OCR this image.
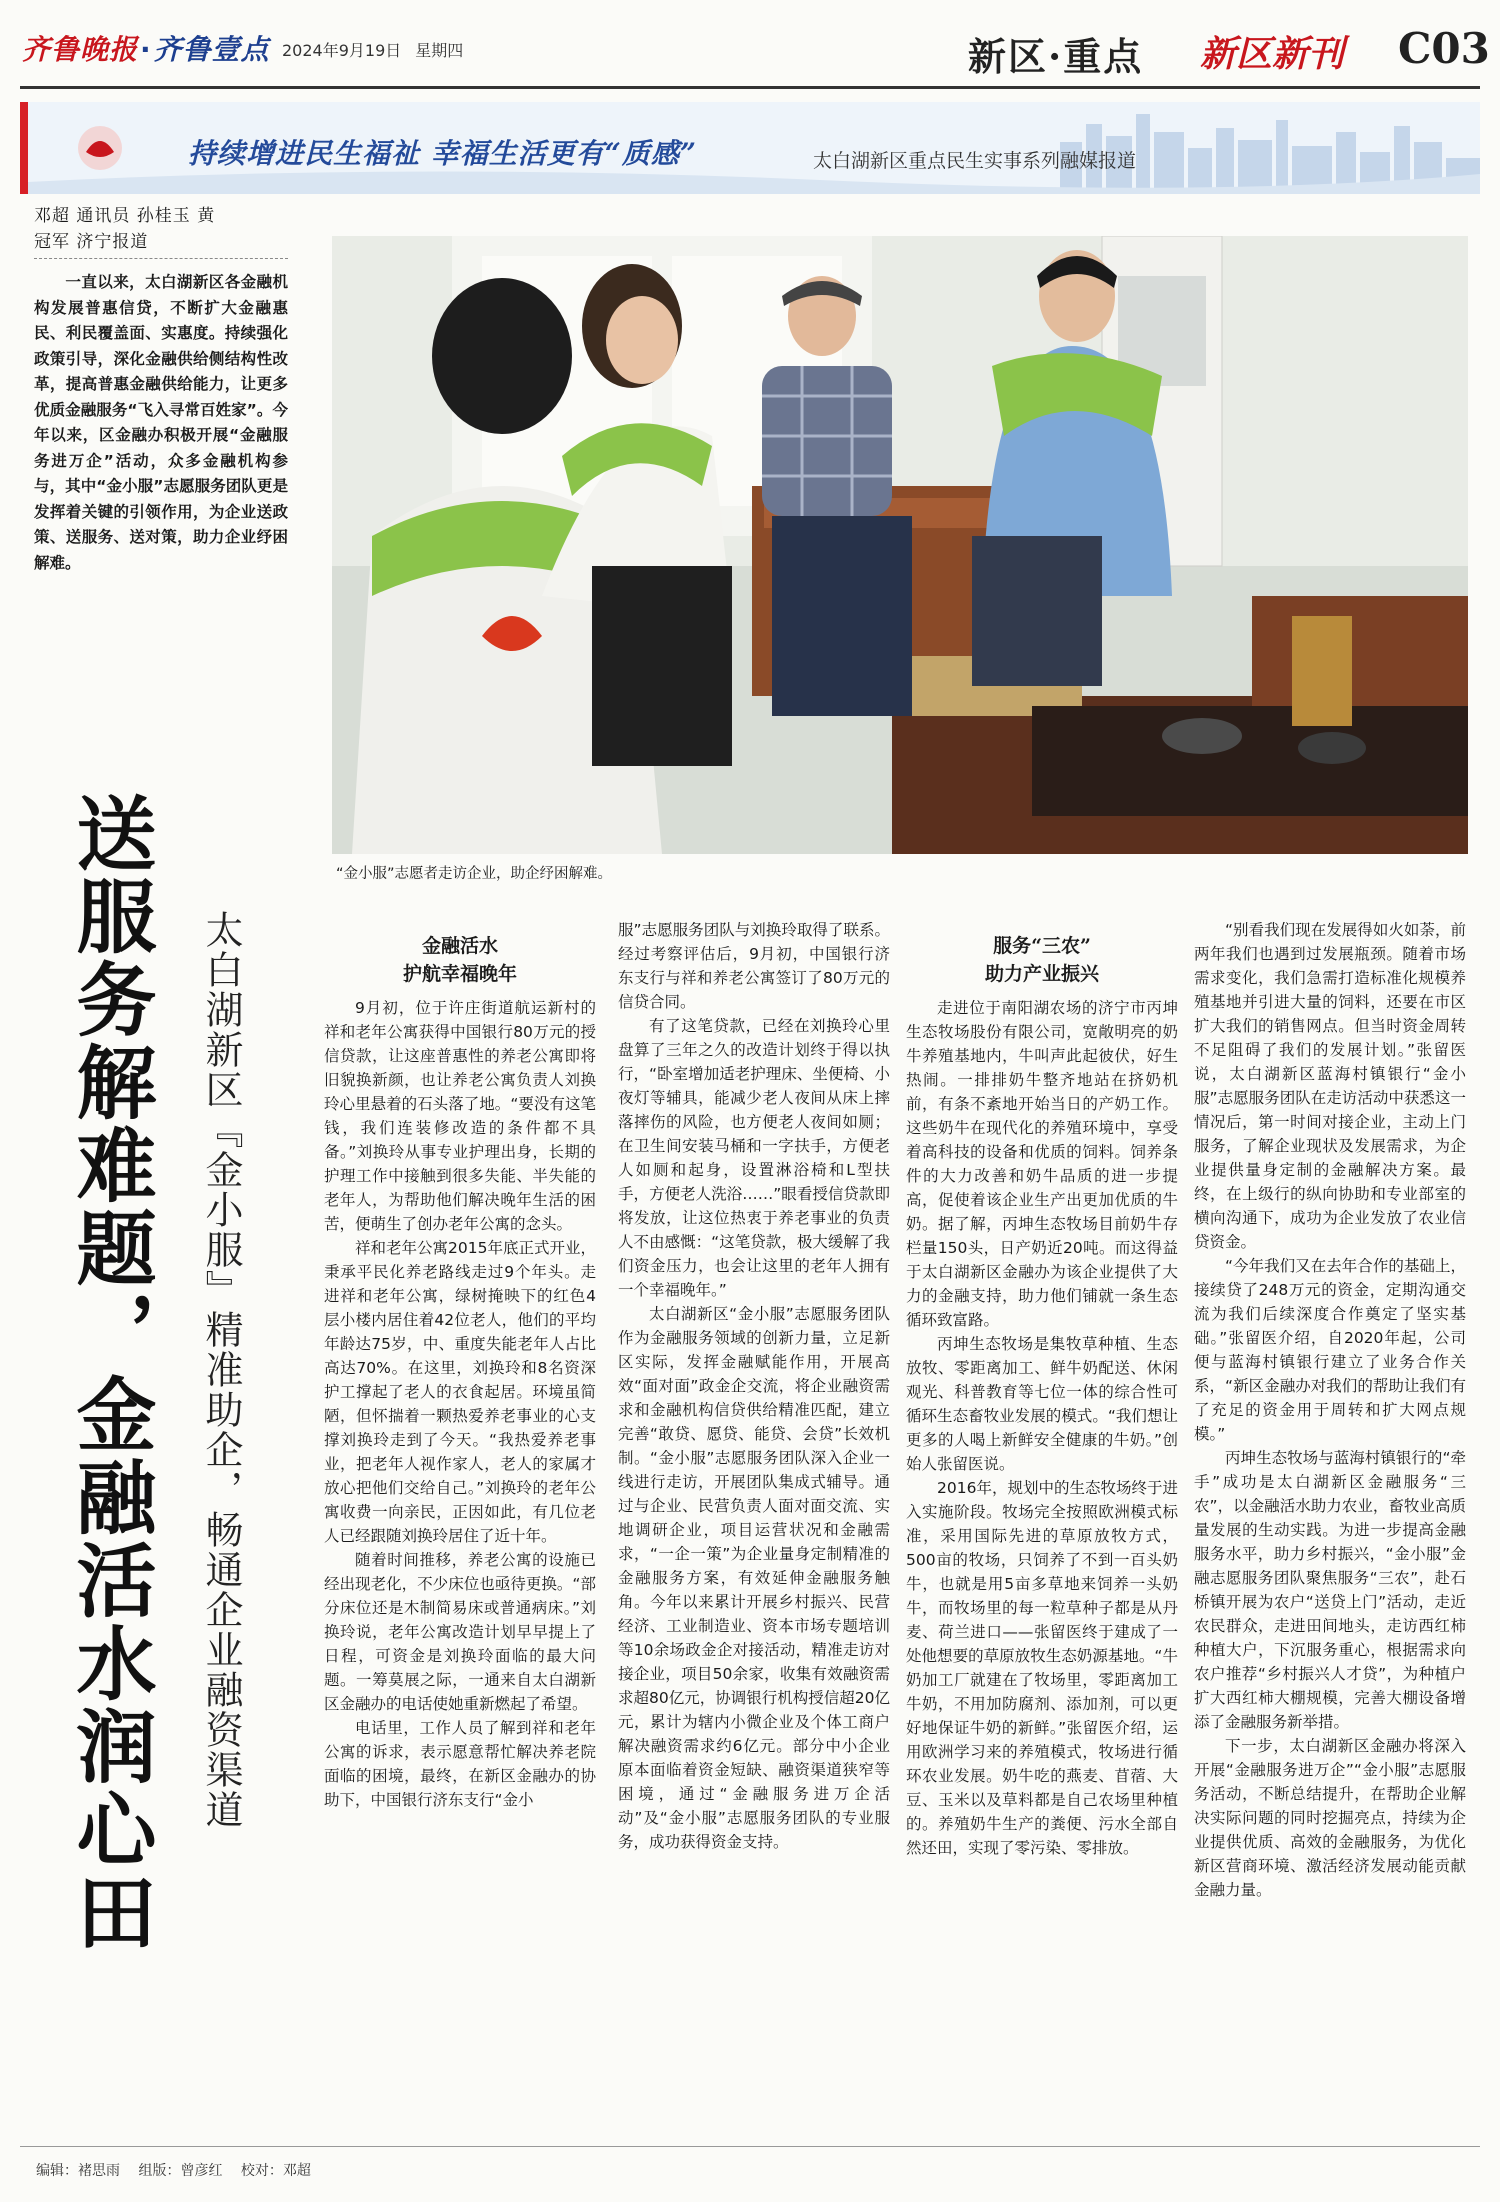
齐鲁晚报·齐鲁壹点 2024年9月19日 星期四	新区·重点 新区新刊 C03
持续增进民生福祉 幸福生活更有“质感”	太白湖新区重点民生实事系列融媒报道
邓超 通讯员 孙桂玉 黄
冠军 济宁报道
一直以来，太白湖新区各金融机构发展普惠信贷，不断扩大金融惠民、利民覆盖面、实惠度。持续强化政策引导，深化金融供给侧结构性改革，提高普惠金融供给能力，让更多优质金融服务“飞入寻常百姓家”。今年以来，区金融办积极开展“金融服务进万企”活动，众多金融机构参与，其中“金小服”志愿服务团队更是发挥着关键的引领作用，为企业送政策、送服务、送对策，助力企业纾困解难。
“金小服”志愿者走访企业，助企纾困解难。
送服务解难题，金融活水润心田 太白湖新区『金小服』精准助企，畅通企业融资渠道	金融活水
护航幸福晚年

9月初，位于许庄街道航运新村的祥和老年公寓获得中国银行80万元的授信贷款，让这座普惠性的养老公寓即将旧貌换新颜，也让养老公寓负责人刘换玲心里悬着的石头落了地。“要没有这笔钱，我们连装修改造的条件都不具备。”刘换玲从事专业护理出身，长期的护理工作中接触到很多失能、半失能的老年人，为帮助他们解决晚年生活的困苦，便萌生了创办老年公寓的念头。

祥和老年公寓2015年底正式开业，秉承平民化养老路线走过9个年头。走进祥和老年公寓，绿树掩映下的红色4层小楼内居住着42位老人，他们的平均年龄达75岁，中、重度失能老年人占比高达70%。在这里，刘换玲和8名资深护工撑起了老人的衣食起居。环境虽简陋，但怀揣着一颗热爱养老事业的心支撑刘换玲走到了今天。“我热爱养老事业，把老年人视作家人，老人的家属才放心把他们交给自己。”刘换玲的老年公寓收费一向亲民，正因如此，有几位老人已经跟随刘换玲居住了近十年。

随着时间推移，养老公寓的设施已经出现老化，不少床位也亟待更换。“部分床位还是木制简易床或普通病床。”刘换玲说，老年公寓改造计划早早提上了日程，可资金是刘换玲面临的最大问题。一筹莫展之际，一通来自太白湖新区金融办的电话使她重新燃起了希望。

电话里，工作人员了解到祥和老年公寓的诉求，表示愿意帮忙解决养老院面临的困境，最终，在新区金融办的协助下，中国银行济东支行“金小

服”志愿服务团队与刘换玲取得了联系。经过考察评估后，9月初，中国银行济东支行与祥和养老公寓签订了80万元的信贷合同。

有了这笔贷款，已经在刘换玲心里盘算了三年之久的改造计划终于得以执行，“卧室增加适老护理床、坐便椅、小夜灯等辅具，能减少老人夜间从床上摔落摔伤的风险，也方便老人夜间如厕；在卫生间安装马桶和一字扶手，方便老人如厕和起身，设置淋浴椅和L型扶手，方便老人洗浴……”眼看授信贷款即将发放，让这位热衷于养老事业的负责人不由感慨：“这笔贷款，极大缓解了我们资金压力，也会让这里的老年人拥有一个幸福晚年。”

太白湖新区“金小服”志愿服务团队作为金融服务领域的创新力量，立足新区实际，发挥金融赋能作用，开展高效“面对面”政金企交流，将企业融资需求和金融机构信贷供给精准匹配，建立完善“敢贷、愿贷、能贷、会贷”长效机制。“金小服”志愿服务团队深入企业一线进行走访，开展团队集成式辅导。通过与企业、民营负责人面对面交流、实地调研企业，项目运营状况和金融需求，“一企一策”为企业量身定制精准的金融服务方案，有效延伸金融服务触角。今年以来累计开展乡村振兴、民营经济、工业制造业、资本市场专题培训等10余场政金企对接活动，精准走访对接企业，项目50余家，收集有效融资需求超80亿元，协调银行机构授信超20亿元，累计为辖内小微企业及个体工商户解决融资需求约6亿元。部分中小企业原本面临着资金短缺、融资渠道狭窄等困境，通过“金融服务进万企活动”及“金小服”志愿服务团队的专业服务，成功获得资金支持。

服务“三农”
助力产业振兴

走进位于南阳湖农场的济宁市丙坤生态牧场股份有限公司，宽敞明亮的奶牛养殖基地内，牛叫声此起彼伏，好生热闹。一排排奶牛整齐地站在挤奶机前，有条不紊地开始当日的产奶工作。这些奶牛在现代化的养殖环境中，享受着高科技的设备和优质的饲料。饲养条件的大力改善和奶牛品质的进一步提高，促使着该企业生产出更加优质的牛奶。据了解，丙坤生态牧场目前奶牛存栏量150头，日产奶近20吨。而这得益于太白湖新区金融办为该企业提供了大力的金融支持，助力他们铺就一条生态循环致富路。

丙坤生态牧场是集牧草种植、生态放牧、零距离加工、鲜牛奶配送、休闲观光、科普教育等七位一体的综合性可循环生态畜牧业发展的模式。“我们想让更多的人喝上新鲜安全健康的牛奶。”创始人张留医说。

2016年，规划中的生态牧场终于进入实施阶段。牧场完全按照欧洲模式标准，采用国际先进的草原放牧方式，500亩的牧场，只饲养了不到一百头奶牛，也就是用5亩多草地来饲养一头奶牛，而牧场里的每一粒草种子都是从丹麦、荷兰进口——张留医终于建成了一处他想要的草原放牧生态奶源基地。“牛奶加工厂就建在了牧场里，零距离加工牛奶，不用加防腐剂、添加剂，可以更好地保证牛奶的新鲜。”张留医介绍，运用欧洲学习来的养殖模式，牧场进行循环农业发展。奶牛吃的燕麦、苜蓿、大豆、玉米以及草料都是自己农场里种植的。养殖奶牛生产的粪便、污水全部自然还田，实现了零污染、零排放。

“别看我们现在发展得如火如荼，前两年我们也遇到过发展瓶颈。随着市场需求变化，我们急需打造标准化规模养殖基地并引进大量的饲料，还要在市区扩大我们的销售网点。但当时资金周转不足阻碍了我们的发展计划。”张留医说，太白湖新区蓝海村镇银行“金小服”志愿服务团队在走访活动中获悉这一情况后，第一时间对接企业，主动上门服务，了解企业现状及发展需求，为企业提供量身定制的金融解决方案。最终，在上级行的纵向协助和专业部室的横向沟通下，成功为企业发放了农业信贷资金。

“今年我们又在去年合作的基础上，接续贷了248万元的资金，定期沟通交流为我们后续深度合作奠定了坚实基础。”张留医介绍，自2020年起，公司便与蓝海村镇银行建立了业务合作关系，“新区金融办对我们的帮助让我们有了充足的资金用于周转和扩大网点规模。”

丙坤生态牧场与蓝海村镇银行的“牵手”成功是太白湖新区金融服务“三农”，以金融活水助力农业，畜牧业高质量发展的生动实践。为进一步提高金融服务水平，助力乡村振兴，“金小服”金融志愿服务团队聚焦服务“三农”，赴石桥镇开展为农户“送贷上门”活动，走近农民群众，走进田间地头，走访西红柿种植大户，下沉服务重心，根据需求向农户推荐“乡村振兴人才贷”，为种植户扩大西红柿大棚规模，完善大棚设备增添了金融服务新举措。

下一步，太白湖新区金融办将深入开展“金融服务进万企”“金小服”志愿服务活动，不断总结提升，在帮助企业解决实际问题的同时挖掘亮点，持续为企业提供优质、高效的金融服务，为优化新区营商环境、激活经济发展动能贡献金融力量。

编辑：褚思雨 组版：曾彦红 校对：邓超
